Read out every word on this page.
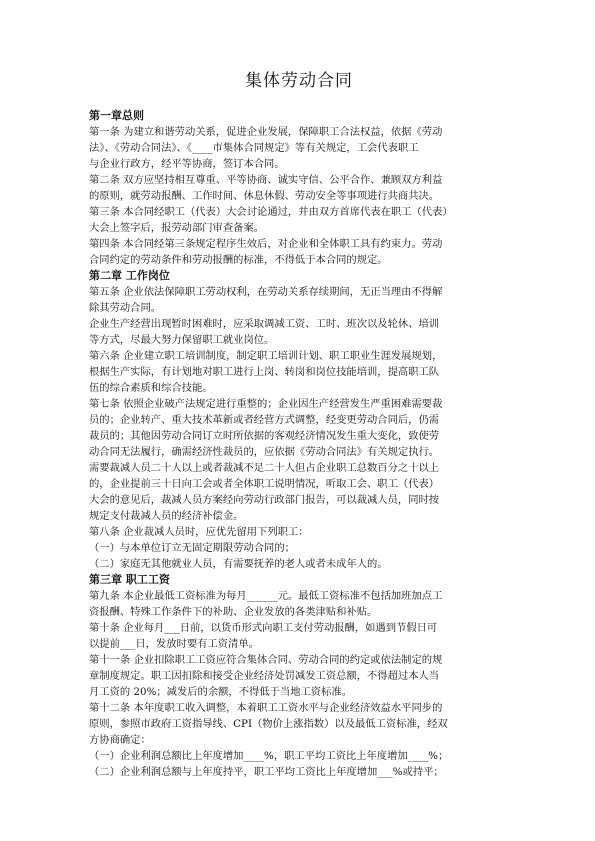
集体劳动合同
第一章总则
第一条 为建立和谐劳动关系，促进企业发展，保障职工合法权益，依据《劳动
法》、《劳动合同法》、《____市集体合同规定》等有关规定，工会代表职工
与企业行政方，经平等协商，签订本合同。
第二条 双方应坚持相互尊重、平等协商、诚实守信、公平合作、兼顾双方利益
的原则，就劳动报酬、工作时间、休息休假、劳动安全等事项进行共商共决。
第三条 本合同经职工（代表）大会讨论通过，并由双方首席代表在职工（代表）
大会上签字后，报劳动部门审查备案。
第四条 本合同经第三条规定程序生效后，对企业和全体职工具有约束力。劳动
合同约定的劳动条件和劳动报酬的标准，不得低于本合同的规定。
第二章 工作岗位
第五条 企业依法保障职工劳动权利，在劳动关系存续期间，无正当理由不得解
除其劳动合同。
企业生产经营出现暂时困难时，应采取调减工资、工时、班次以及轮休、培训
等方式，尽最大努力保留职工就业岗位。
第六条 企业建立职工培训制度，制定职工培训计划、职工职业生涯发展规划，
根据生产实际，有计划地对职工进行上岗、转岗和岗位技能培训，提高职工队
伍的综合素质和综合技能。
第七条 依照企业破产法规定进行重整的；企业因生产经营发生严重困难需要裁
员的；企业转产、重大技术革新或者经营方式调整，经变更劳动合同后，仍需
裁员的；其他因劳动合同订立时所依据的客观经济情况发生重大变化，致使劳
动合同无法履行，确需经济性裁员的，应依据《劳动合同法》有关规定执行。
需要裁减人员二十人以上或者裁减不足二十人但占企业职工总数百分之十以上
的，企业提前三十日向工会或者全体职工说明情况，听取工会、职工（代表）
大会的意见后，裁减人员方案经向劳动行政部门报告，可以裁减人员，同时按
规定支付裁减人员的经济补偿金。
第八条 企业裁减人员时，应优先留用下列职工：
（一）与本单位订立无固定期限劳动合同的；
（二）家庭无其他就业人员，有需要抚养的老人或者未成年人的。
第三章 职工工资
第九条 本企业最低工资标准为每月______元。最低工资标准不包括加班加点工
资报酬、特殊工作条件下的补助、企业发放的各类津贴和补贴。
第十条 企业每月___日前，以货币形式向职工支付劳动报酬，如遇到节假日可
以提前___日，发放时要有工资清单。
第十一条 企业扣除职工工资应符合集体合同、劳动合同的约定或依法制定的规
章制度规定。职工因扣除和接受企业经济处罚减发工资总额，不得超过本人当
月工资的 20%；减发后的余额，不得低于当地工资标准。
第十二条 本年度职工收入调整，本着职工工资水平与企业经济效益水平同步的
原则，参照市政府工资指导线、CPI（物价上涨指数）以及最低工资标准，经双
方协商确定：
（一）企业利润总额比上年度增加____%，职工平均工资比上年度增加____%；
（二）企业利润总额与上年度持平，职工平均工资比上年度增加___%或持平；
